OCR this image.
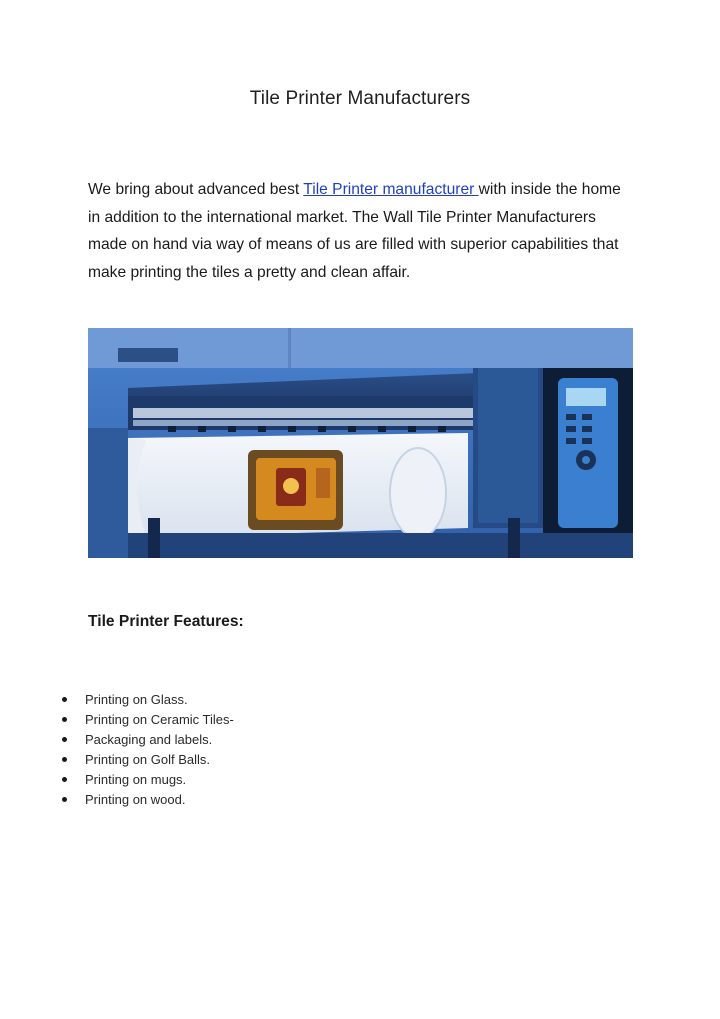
Tile Printer Manufacturers

We bring about advanced best Tile Printer manufacturer with inside the home in addition to the international market. The Wall Tile Printer Manufacturers made on hand via way of means of us are filled with superior capabilities that make printing the tiles a pretty and clean affair.

Tile Printer Features:
Printing on Glass.
Printing on Ceramic Tiles-
Packaging and labels.
Printing on Golf Balls.
Printing on mugs.
Printing on wood.
